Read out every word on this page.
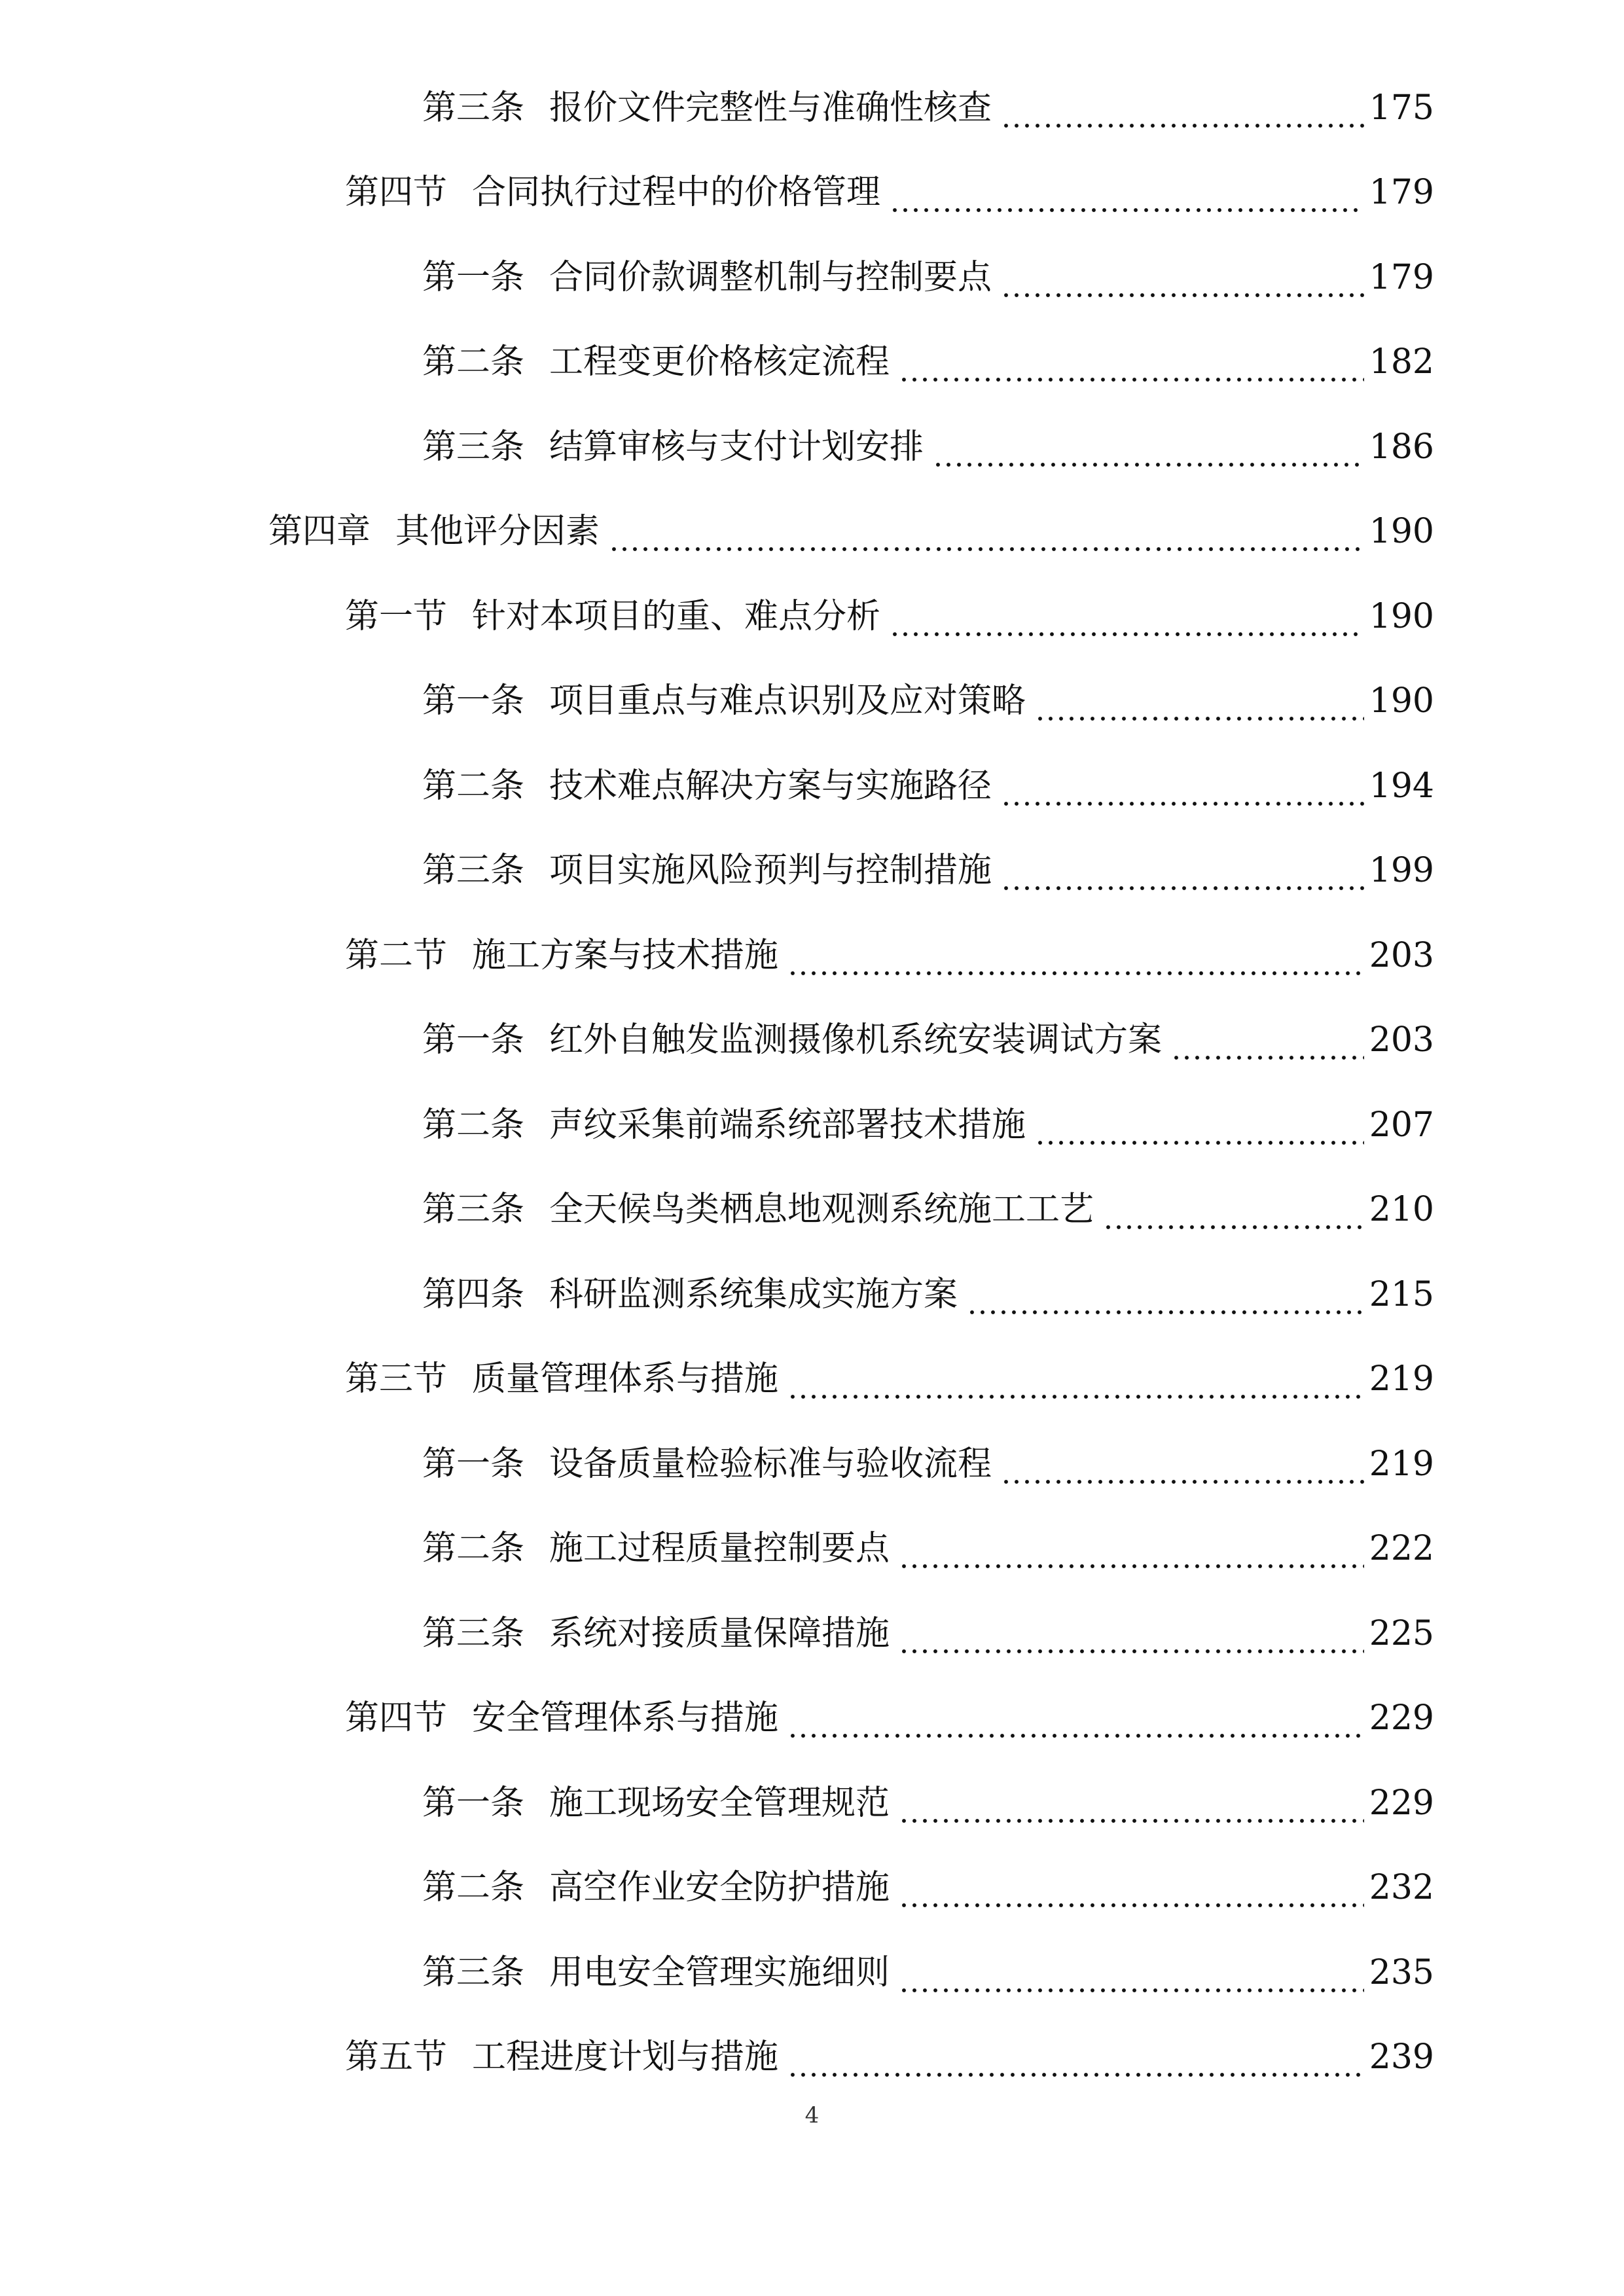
第三条 报价文件完整性与准确性核查	175
第四节 合同执行过程中的价格管理	179
第一条 合同价款调整机制与控制要点	179
第二条 工程变更价格核定流程	182
第三条 结算审核与支付计划安排	186
第四章 其他评分因素	190
第一节 针对本项目的重、难点分析	190
第一条 项目重点与难点识别及应对策略	190
第二条 技术难点解决方案与实施路径	194
第三条 项目实施风险预判与控制措施	199
第二节 施工方案与技术措施	203
第一条 红外自触发监测摄像机系统安装调试方案	203
第二条 声纹采集前端系统部署技术措施	207
第三条 全天候鸟类栖息地观测系统施工工艺	210
第四条 科研监测系统集成实施方案	215
第三节 质量管理体系与措施	219
第一条 设备质量检验标准与验收流程	219
第二条 施工过程质量控制要点	222
第三条 系统对接质量保障措施	225
第四节 安全管理体系与措施	229
第一条 施工现场安全管理规范	229
第二条 高空作业安全防护措施	232
第三条 用电安全管理实施细则	235
第五节 工程进度计划与措施	239
4
